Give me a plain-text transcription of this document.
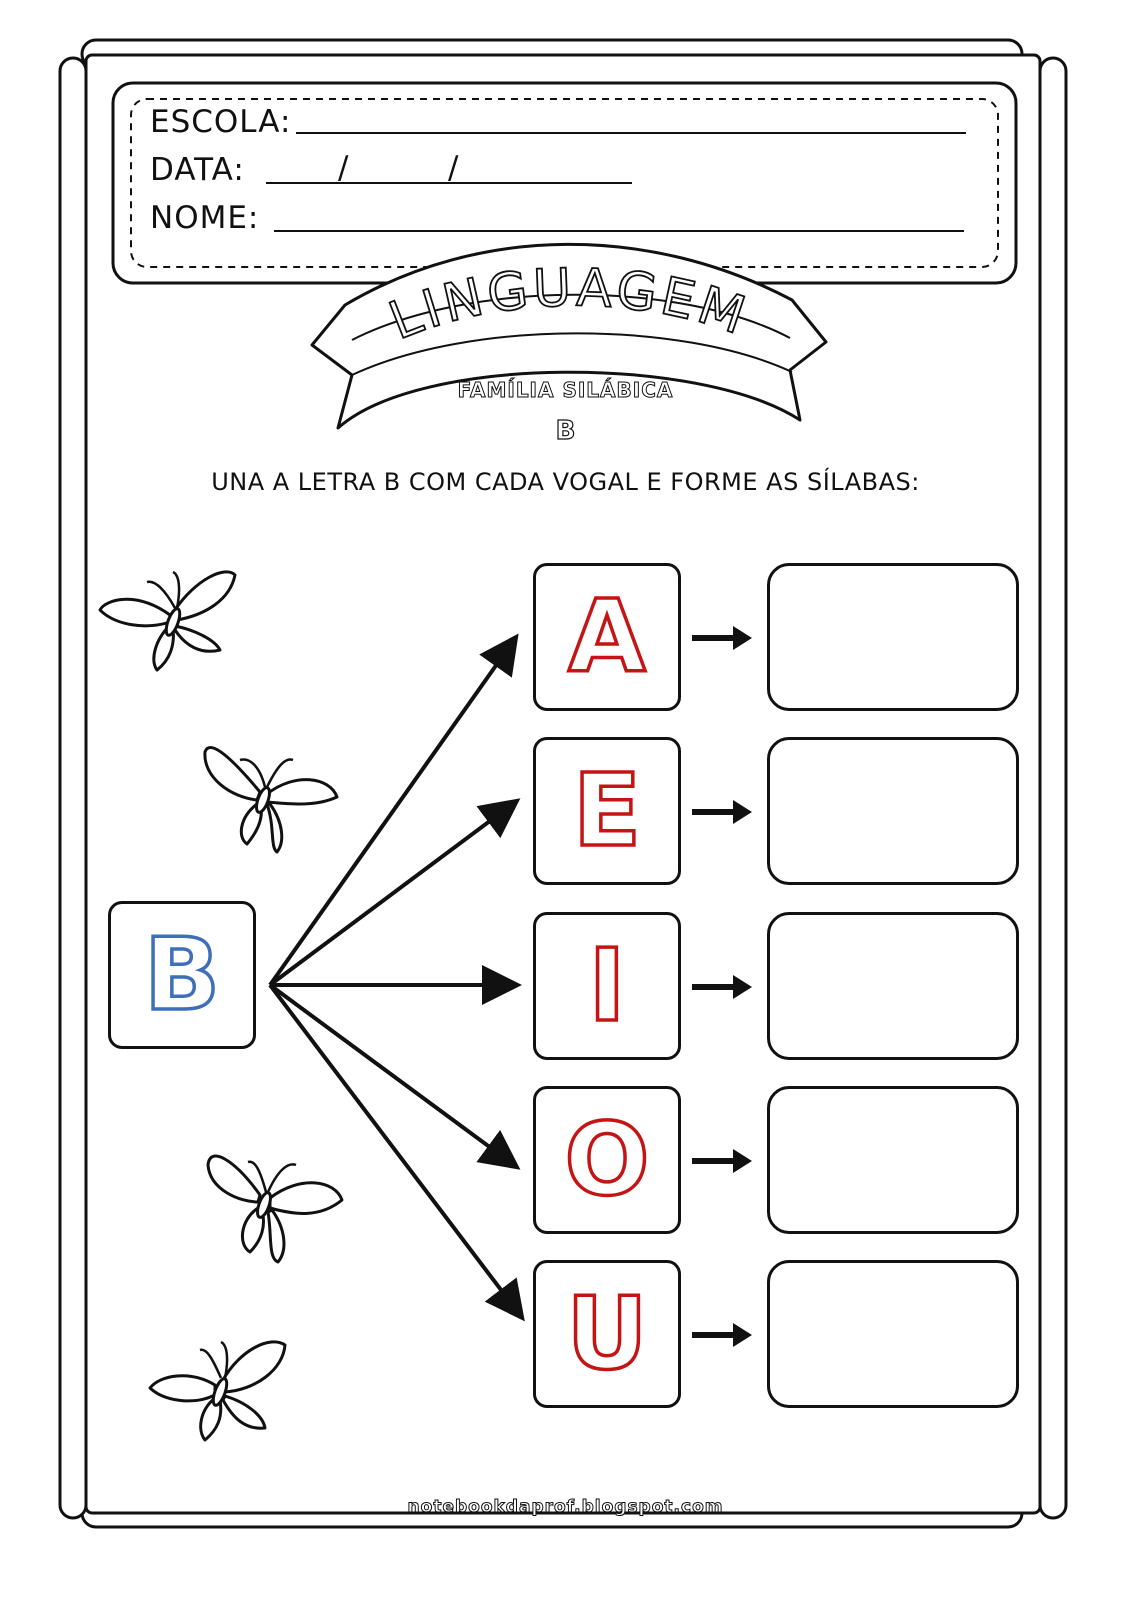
ESCOLA:
DATA:	/	/
NOME:
LINGUAGEM
FAMÍLIA SILÁBICA
B
UNA A LETRA B COM CADA VOGAL E FORME AS SÍLABAS:
B
A
E
I
O
U
notebookdaprof.blogspot.com
